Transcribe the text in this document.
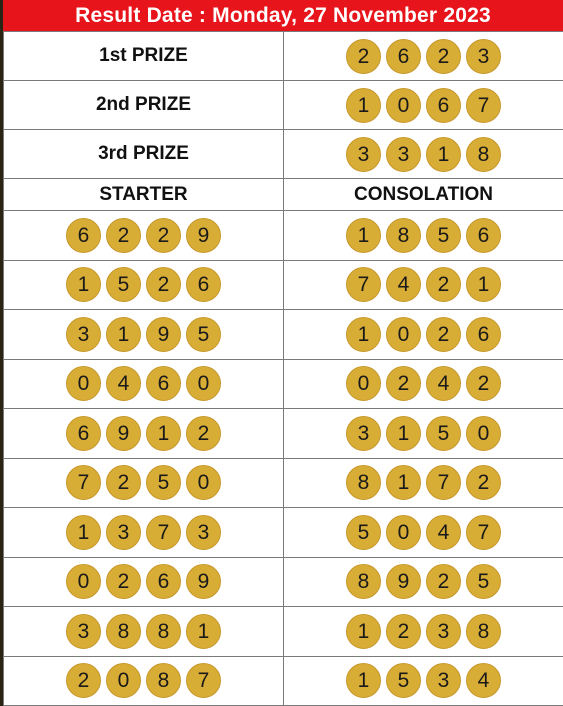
Result Date : Monday, 27 November 2023
1st PRIZE	2 6 2 3
2nd PRIZE	1 0 6 7
3rd PRIZE	3 3 1 8
STARTER	CONSOLATION
6 2 2 9	1 8 5 6
1 5 2 6	7 4 2 1
3 1 9 5	1 0 2 6
0 4 6 0	0 2 4 2
6 9 1 2	3 1 5 0
7 2 5 0	8 1 7 2
1 3 7 3	5 0 4 7
0 2 6 9	8 9 2 5
3 8 8 1	1 2 3 8
2 0 8 7	1 5 3 4
